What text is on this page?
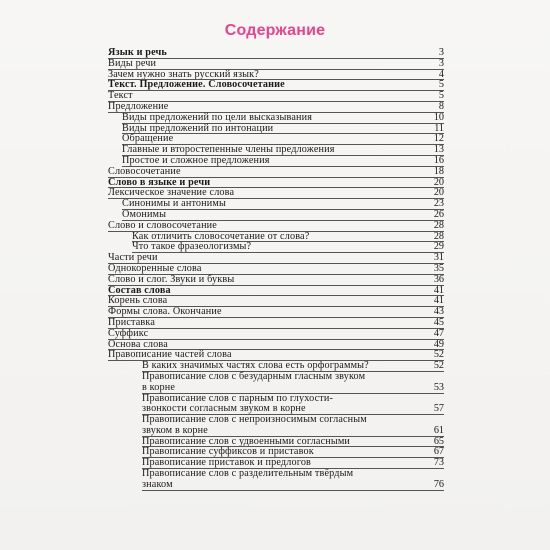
Содержание
Язык и речь	3
Виды речи	3
Зачем нужно знать русский язык?	4
Текст. Предложение. Словосочетание	5
Текст	5
Предложение	8
Виды предложений по цели высказывания	10
Виды предложений по интонации	11
Обращение	12
Главные и второстепенные члены предложения	13
Простое и сложное предложения	16
Словосочетание	18
Слово в языке и речи	20
Лексическое значение слова	20
Синонимы и антонимы	23
Омонимы	26
Слово и словосочетание	28
Как отличить словосочетание от слова?	28
Что такое фразеологизмы?	29
Части речи	31
Однокоренные слова	35
Слово и слог. Звуки и буквы	36
Состав слова	41
Корень слова	41
Формы слова. Окончание	43
Приставка	45
Суффикс	47
Основа слова	49
Правописание частей слова	52
В каких значимых частях слова есть орфограммы?	52
Правописание слов с безударным гласным звуком
в корне	53
Правописание слов с парным по глухости-
звонкости согласным звуком в корне	57
Правописание слов с непроизносимым согласным
звуком в корне	61
Правописание слов с удвоенными согласными	65
Правописание суффиксов и приставок	67
Правописание приставок и предлогов	73
Правописание слов с разделительным твёрдым
знаком	76
